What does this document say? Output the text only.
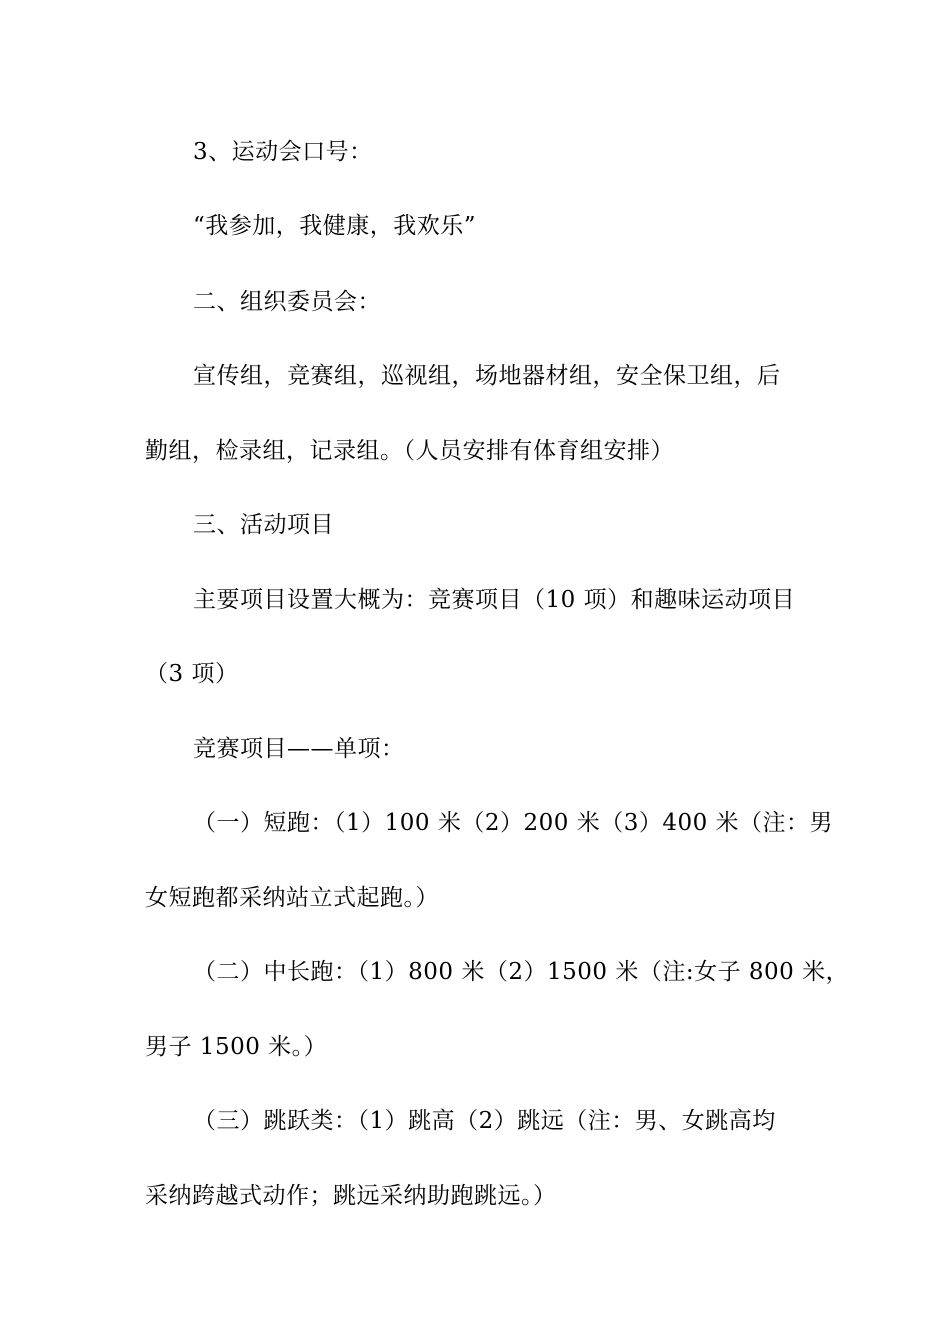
3、运动会口号：
“我参加，我健康，我欢乐”
二、组织委员会：
宣传组，竞赛组，巡视组，场地器材组，安全保卫组，后
勤组，检录组，记录组。（人员安排有体育组安排）
三、活动项目
主要项目设置大概为：竞赛项目（10 项）和趣味运动项目
（3 项）
竞赛项目——单项：
（一）短跑：（1）100 米（2）200 米（3）400 米（注：男
女短跑都采纳站立式起跑。）
（二）中长跑：（1）800 米（2）1500 米（注:女子 800 米，
男子 1500 米。）
（三）跳跃类：（1）跳高（2）跳远（注：男、女跳高均
采纳跨越式动作；跳远采纳助跑跳远。）
